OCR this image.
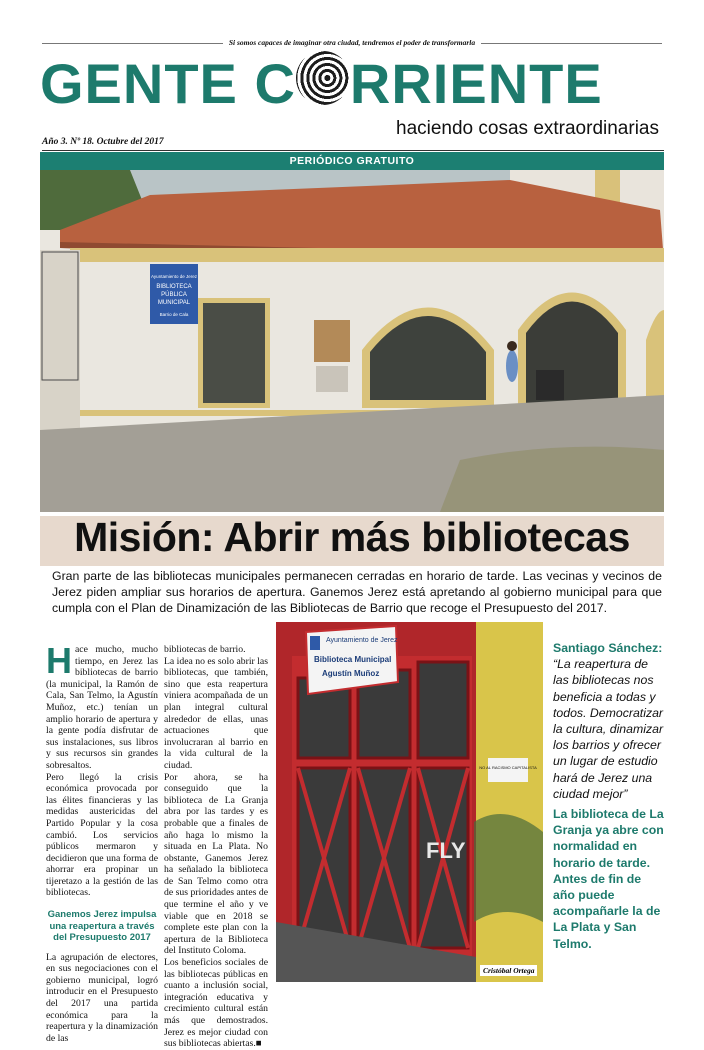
Si somos capaces de imaginar otra ciudad, tendremos el poder de transformarla
GENTE C RRIENTE
haciendo cosas extraordinarias
Año 3. Nº 18. Octubre del 2017
PERIÓDICO GRATUITO
Ayuntamiento de Jerez
BIBLIOTECA
PÚBLICA
MUNICIPAL
Barrio de Cala
Misión: Abrir más bibliotecas
Gran parte de las bibliotecas municipales permanecen cerradas en horario de tarde. Las vecinas y vecinos de Jerez piden ampliar sus horarios de apertura. Ganemos Jerez está apretando al gobierno municipal para que cumpla con el Plan de Dinamización de las Bibliotecas de Barrio que recoge el Presupuesto del 2017.
H ace mucho, mucho tiempo, en Jerez las bibliotecas de barrio (la municipal, la Ramón de Cala, San Telmo, la Agustín Muñoz, etc.) tenían un amplio horario de apertura y la gente podía disfrutar de sus instalaciones, sus libros y sus recursos sin grandes sobresaltos.

Pero llegó la crisis económica provocada por las élites financieras y las medidas austericidas del Partido Popular y la cosa cambió. Los servicios públicos mermaron y decidieron que una forma de ahorrar era propinar un tijeretazo a la gestión de las bibliotecas.

Ganemos Jerez impulsa una reapertura a través del Presupuesto 2017

La agrupación de electores, en sus negociaciones con el gobierno municipal, logró introducir en el Presupuesto del 2017 una partida económica para la reapertura y la dinamización de las

bibliotecas de barrio.

La idea no es solo abrir las bibliotecas, que también, sino que esta reapertura viniera acompañada de un plan integral cultural alrededor de ellas, unas actuaciones que involucraran al barrio en la vida cultural de la ciudad.

Por ahora, se ha conseguido que la biblioteca de La Granja abra por las tardes y es probable que a finales de año haga lo mismo la situada en La Plata. No obstante, Ganemos Jerez ha señalado la biblioteca de San Telmo como otra de sus prioridades antes de que termine el año y ve viable que en 2018 se complete este plan con la apertura de la Biblioteca del Instituto Coloma.

Los beneficios sociales de las bibliotecas públicas en cuanto a inclusión social, integración educativa y crecimiento cultural están más que demostrados. Jerez es mejor ciudad con sus bibliotecas abiertas.■

Ayuntamiento de Jerez
Biblioteca Municipal
Agustín Muñoz
NO AL RACISMO CAPITALISTA
FLY
Cristóbal Ortega
Santiago Sánchez:
“La reapertura de las bibliotecas nos beneficia a todas y todos. Democratizar la cultura, dinamizar los barrios y ofrecer un lugar de estudio hará de Jerez una ciudad mejor”
La biblioteca de La Granja ya abre con normalidad en horario de tarde. Antes de fin de año puede acompañarle la de La Plata y San Telmo.
